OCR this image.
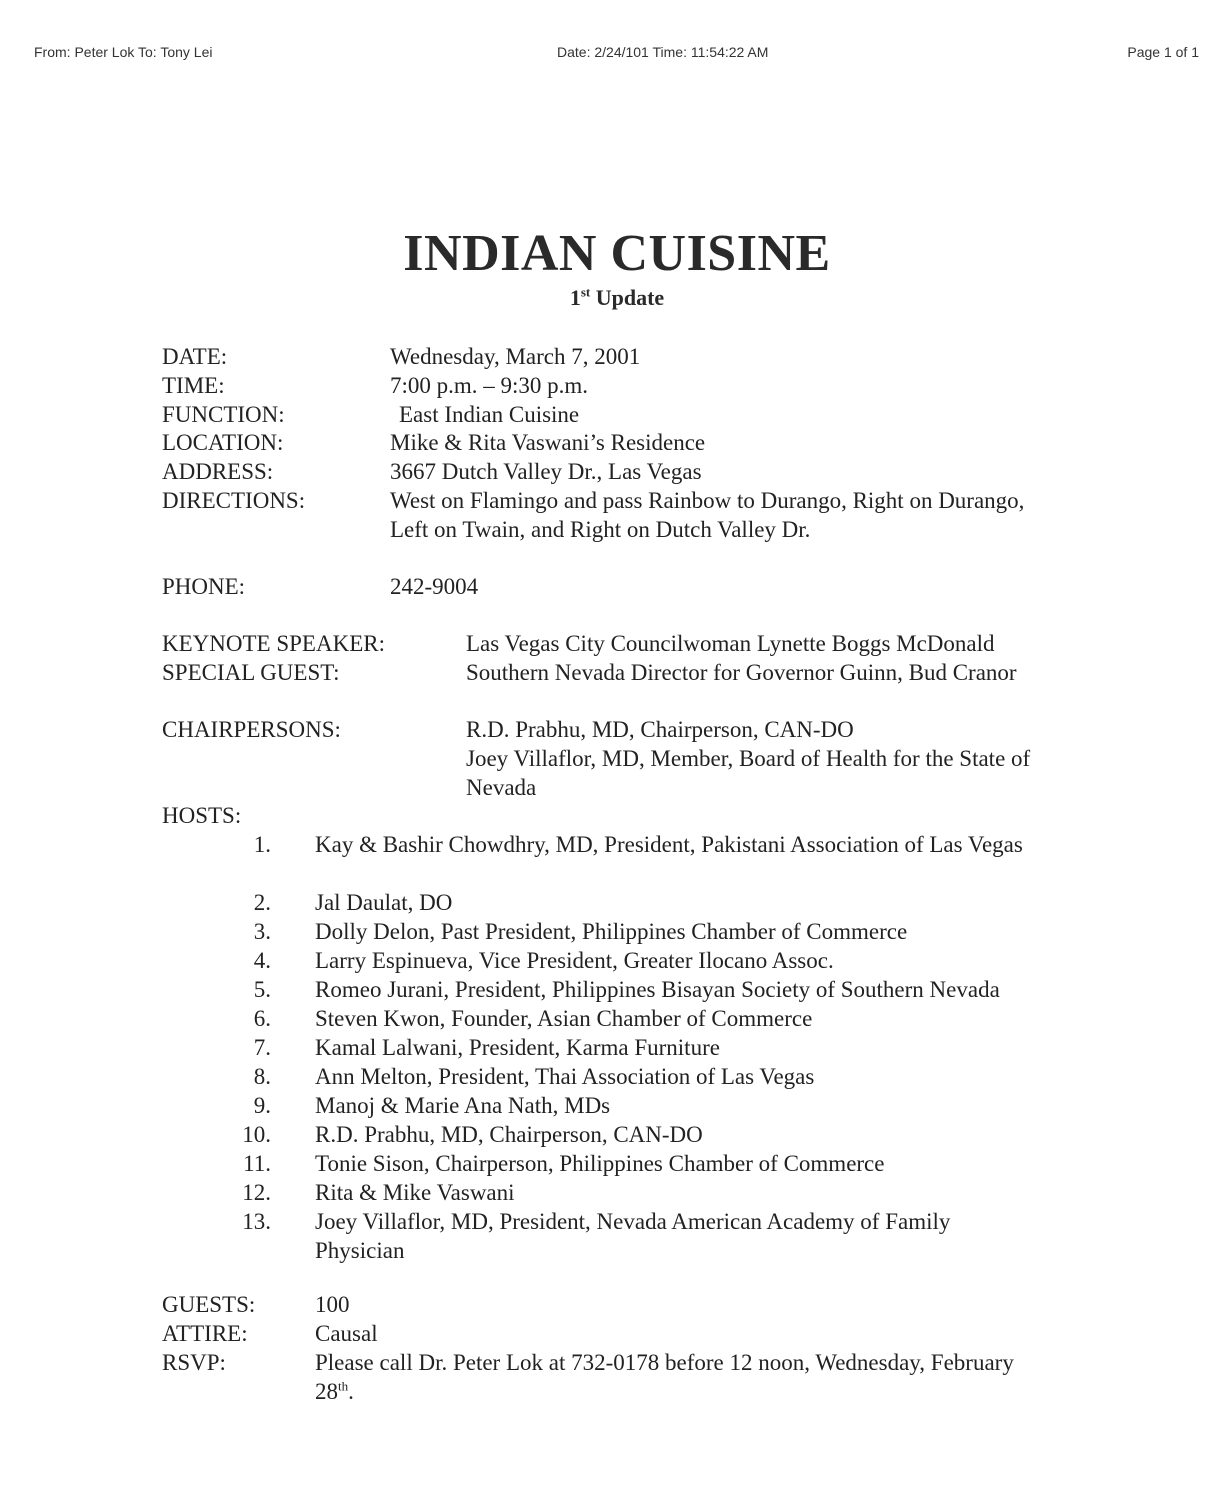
From: Peter Lok To: Tony Lei	Date: 2/24/101 Time: 11:54:22 AM	Page 1 of 1
INDIAN CUISINE
1st Update
DATE:	Wednesday, March 7, 2001
TIME:	7:00 p.m. – 9:30 p.m.
FUNCTION:	East Indian Cuisine
LOCATION:	Mike & Rita Vaswani’s Residence
ADDRESS:	3667 Dutch Valley Dr., Las Vegas
DIRECTIONS:	West on Flamingo and pass Rainbow to Durango, Right on Durango, Left on Twain, and Right on Dutch Valley Dr.
PHONE:	242-9004
KEYNOTE SPEAKER:	Las Vegas City Councilwoman Lynette Boggs McDonald
SPECIAL GUEST:	Southern Nevada Director for Governor Guinn, Bud Cranor
CHAIRPERSONS:	R.D. Prabhu, MD, Chairperson, CAN-DO
Joey Villaflor, MD, Member, Board of Health for the State of Nevada
HOSTS:
1. Kay & Bashir Chowdhry, MD, President, Pakistani Association of Las Vegas
2. Jal Daulat, DO
3. Dolly Delon, Past President, Philippines Chamber of Commerce
4. Larry Espinueva, Vice President, Greater Ilocano Assoc.
5. Romeo Jurani, President, Philippines Bisayan Society of Southern Nevada
6. Steven Kwon, Founder, Asian Chamber of Commerce
7. Kamal Lalwani, President, Karma Furniture
8. Ann Melton, President, Thai Association of Las Vegas
9. Manoj & Marie Ana Nath, MDs
10. R.D. Prabhu, MD, Chairperson, CAN-DO
11. Tonie Sison, Chairperson, Philippines Chamber of Commerce
12. Rita & Mike Vaswani
13. Joey Villaflor, MD, President, Nevada American Academy of Family Physician
GUESTS:	100
ATTIRE:	Causal
RSVP:	Please call Dr. Peter Lok at 732-0178 before 12 noon, Wednesday, February 28th.
